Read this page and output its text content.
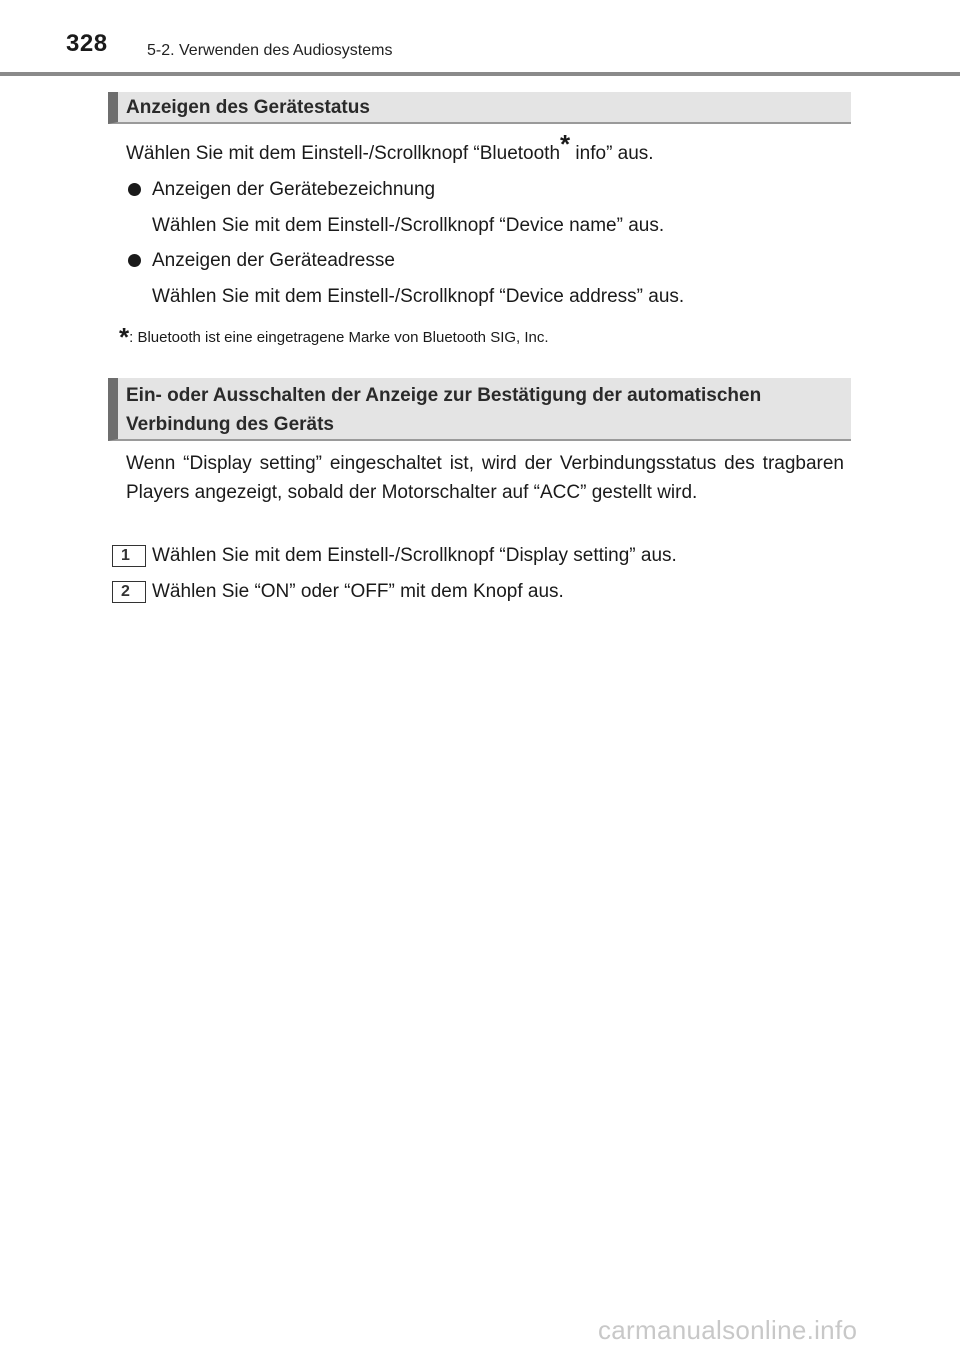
328 5-2. Verwenden des Audiosystems
Anzeigen des Gerätestatus
Wählen Sie mit dem Einstell-/Scrollknopf “Bluetooth* info” aus.
Anzeigen der Gerätebezeichnung
Wählen Sie mit dem Einstell-/Scrollknopf “Device name” aus.
Anzeigen der Geräteadresse
Wählen Sie mit dem Einstell-/Scrollknopf “Device address” aus.
*: Bluetooth ist eine eingetragene Marke von Bluetooth SIG, Inc.
Ein- oder Ausschalten der Anzeige zur Bestätigung der automatischen
Verbindung des Geräts
Wenn “Display setting” eingeschaltet ist, wird der Verbindungsstatus des tragbaren Players angezeigt, sobald der Motorschalter auf “ACC” gestellt wird.
1	Wählen Sie mit dem Einstell-/Scrollknopf “Display setting” aus.
2	Wählen Sie “ON” oder “OFF” mit dem Knopf aus.
carmanualsonline.info
